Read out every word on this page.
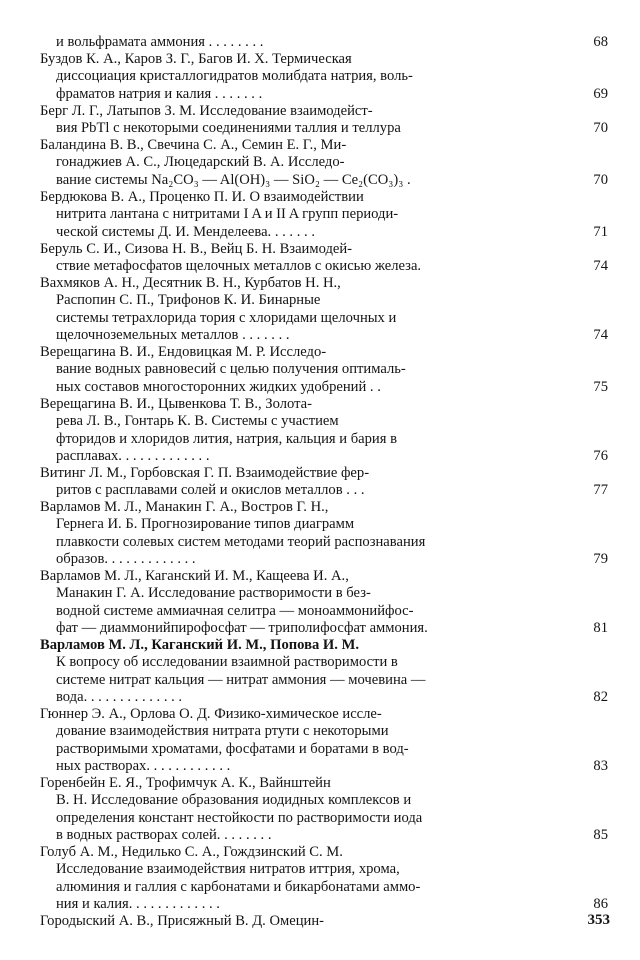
и вольфрамата аммония . . . . . . . .	68
Буздов К. А., Каров З. Г., Багов И. Х. Термическая
диссоциация кристаллогидратов молибдата натрия, воль-
фраматов натрия и калия . . . . . . .	69
Берг Л. Г., Латыпов З. М. Исследование взаимодейст-
вия PbTl с некоторыми соединениями таллия и теллура	70
Баландина В. В., Свечина С. А., Семин Е. Г., Ми-
гонаджиев А. С., Люцедарский В. А. Исследо-
вание системы Na₂CO₃ — Al(OH)₃ — SiO₂ — Ce₂(CO₃)₃ .	70
Бердюкова В. А., Проценко П. И. О взаимодействии
нитрита лантана с нитритами I A и II A групп периоди-
ческой системы Д. И. Менделеева. . . . . . .	71
Беруль С. И., Сизова Н. В., Вейц Б. Н. Взаимодей-
ствие метафосфатов щелочных металлов с окисью железа.	74
Вахмяков А. Н., Десятник В. Н., Курбатов Н. Н.,
Распопин С. П., Трифонов К. И. Бинарные
системы тетрахлорида тория с хлоридами щелочных и
щелочноземельных металлов . . . . . . .	74
Верещагина В. И., Ендовицкая М. Р. Исследо-
вание водных равновесий с целью получения оптималь-
ных составов многосторонних жидких удобрений . .	75
Верещагина В. И., Цывенкова Т. В., Золота-
рева Л. В., Гонтарь К. В. Системы с участием
фторидов и хлоридов лития, натрия, кальция и бария в
расплавах. . . . . . . . . . . . .	76
Витинг Л. М., Горбовская Г. П. Взаимодействие фер-
ритов с расплавами солей и окислов металлов . . .	77
Варламов М. Л., Манакин Г. А., Востров Г. Н.,
Гернега И. Б. Прогнозирование типов диаграмм
плавкости солевых систем методами теорий распознавания
образов. . . . . . . . . . . . .	79
Варламов М. Л., Каганский И. М., Кащеева И. А.,
Манакин Г. А. Исследование растворимости в без-
водной системе аммиачная селитра — моноаммонийфос-
фат — диаммонийпирофосфат — триполифосфат аммония.	81
Варламов М. Л., Каганский И. М., Попова И. М.
К вопросу об исследовании взаимной растворимости в
системе нитрат кальция — нитрат аммония — мочевина —
вода. . . . . . . . . . . . . .	82
Гюннер Э. А., Орлова О. Д. Физико-химическое иссле-
дование взаимодействия нитрата ртути с некоторыми
растворимыми хроматами, фосфатами и боратами в вод-
ных растворах. . . . . . . . . . . .	83
Горенбейн Е. Я., Трофимчук А. К., Вайнштейн
В. Н. Исследование образования иодидных комплексов и
определения констант нестойкости по растворимости иода
в водных растворах солей. . . . . . . .	85
Голуб А. М., Недилько С. А., Гождзинский С. М.
Исследование взаимодействия нитратов иттрия, хрома,
алюминия и галлия с карбонатами и бикарбонатами аммо-
ния и калия. . . . . . . . . . . . .	86
Городыский А. В., Присяжный В. Д. Омецин-	353
